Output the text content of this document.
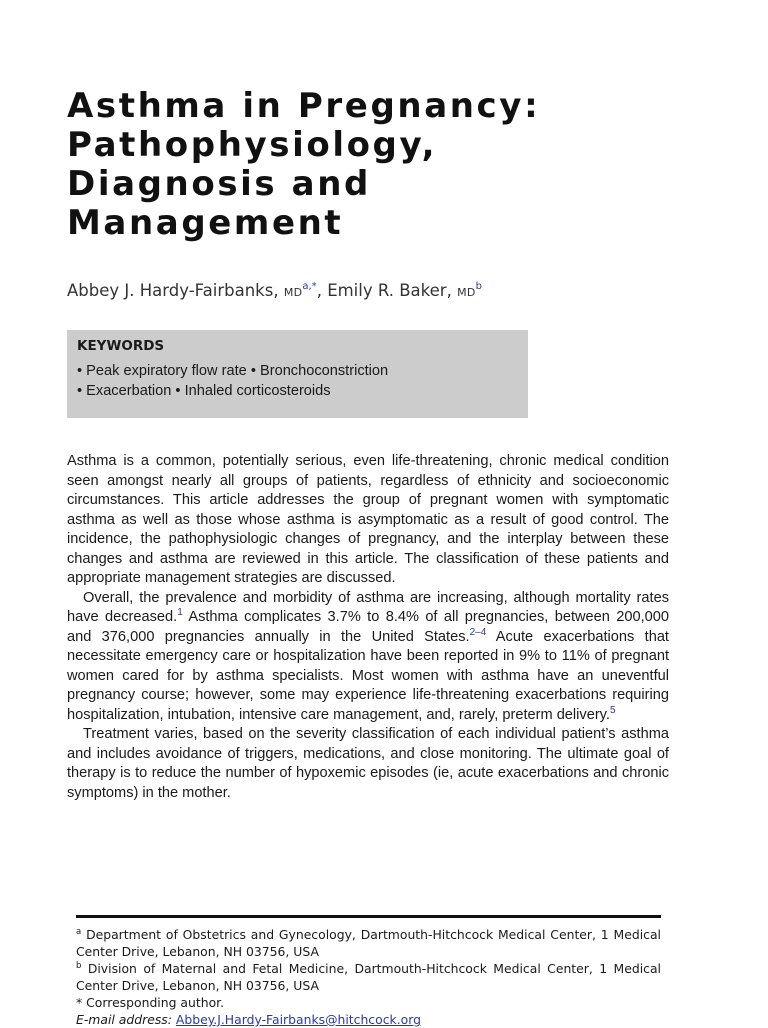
Asthma in Pregnancy:
Pathophysiology,
Diagnosis and
Management
Abbey J. Hardy-Fairbanks, $MD^{a,*}$, Emily R. Baker, $MD^b$
KEYWORDS
• Peak expiratory flow rate • Bronchoconstriction
• Exacerbation • Inhaled corticosteroids

Asthma is a common, potentially serious, even life-threatening, chronic medical condition seen amongst nearly all groups of patients, regardless of ethnicity and socioeconomic circumstances. This article addresses the group of pregnant women with symptomatic asthma as well as those whose asthma is asymptomatic as a result of good control. The incidence, the pathophysiologic changes of pregnancy, and the interplay between these changes and asthma are reviewed in this article. The classification of these patients and appropriate management strategies are discussed.

Overall, the prevalence and morbidity of asthma are increasing, although mortality rates have decreased.$^1$ Asthma complicates 3.7% to 8.4% of all pregnancies, between 200,000 and 376,000 pregnancies annually in the United States.$^{2-4}$ Acute exacerbations that necessitate emergency care or hospitalization have been reported in 9% to 11% of pregnant women cared for by asthma specialists. Most women with asthma have an uneventful pregnancy course; however, some may experience life-threatening exacerbations requiring hospitalization, intubation, intensive care management, and, rarely, preterm delivery.$^5$

Treatment varies, based on the severity classification of each individual patient’s asthma and includes avoidance of triggers, medications, and close monitoring. The ultimate goal of therapy is to reduce the number of hypoxemic episodes (ie, acute exacerbations and chronic symptoms) in the mother.

$^a$ Department of Obstetrics and Gynecology, Dartmouth-Hitchcock Medical Center, 1 Medical Center Drive, Lebanon, NH 03756, USA

$^b$ Division of Maternal and Fetal Medicine, Dartmouth-Hitchcock Medical Center, 1 Medical Center Drive, Lebanon, NH 03756, USA

* Corresponding author.

E-mail address: Abbey.J.Hardy-Fairbanks@hitchcock.org
